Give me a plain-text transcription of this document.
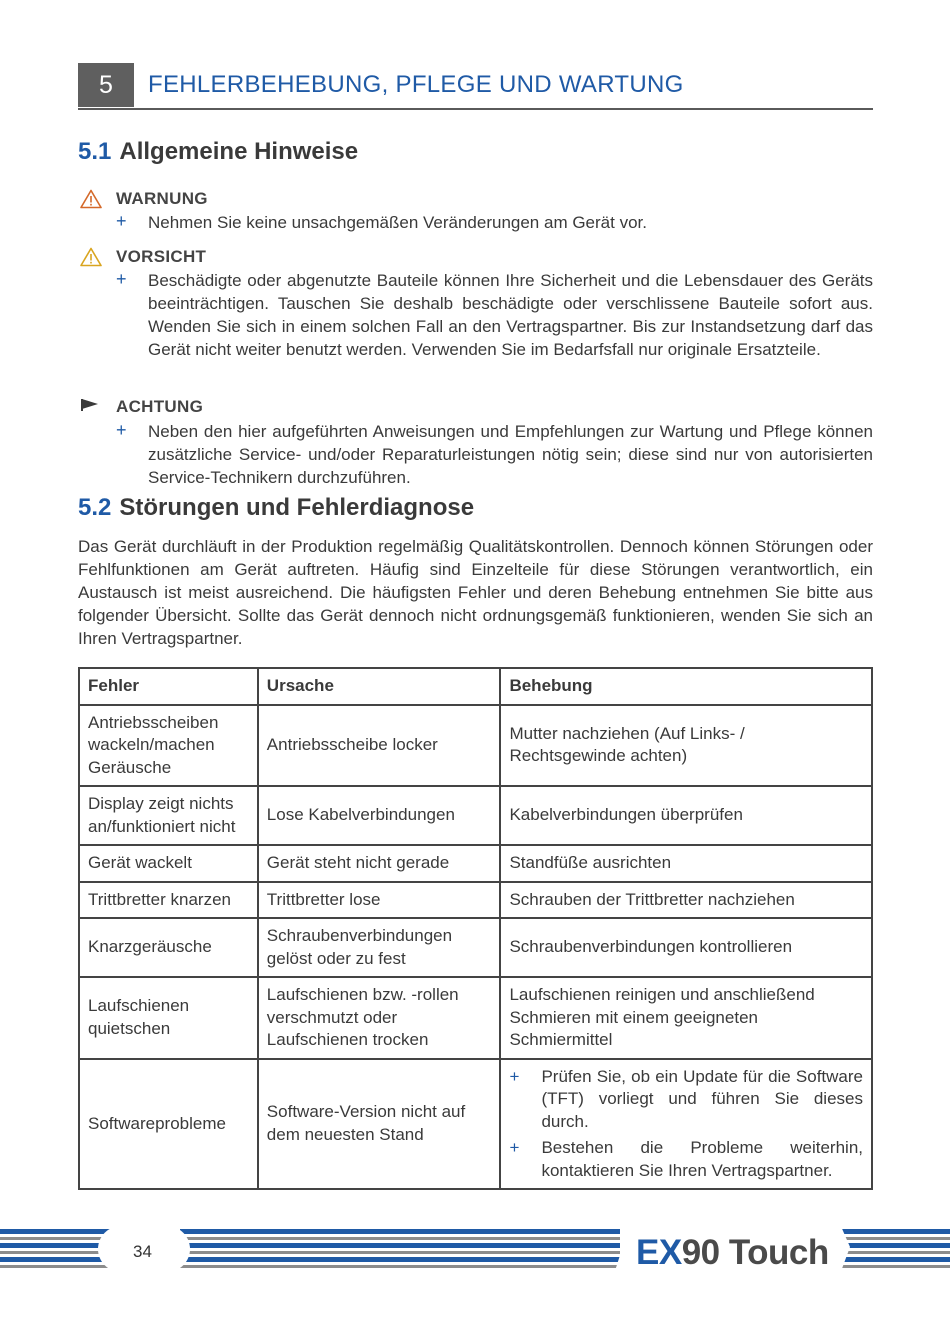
5	FEHLERBEHEBUNG, PFLEGE UND WARTUNG
5.1 Allgemeine Hinweise
WARNUNG
+ Nehmen Sie keine unsachgemäßen Veränderungen am Gerät vor.
VORSICHT
+ Beschädigte oder abgenutzte Bauteile können Ihre Sicherheit und die Lebensdauer des Geräts beeinträchtigen. Tauschen Sie deshalb beschädigte oder verschlissene Bauteile sofort aus. Wenden Sie sich in einem solchen Fall an den Vertragspartner. Bis zur Instandsetzung darf das Gerät nicht weiter benutzt werden. Verwenden Sie im Bedarfsfall nur originale Ersatzteile.
ACHTUNG
+ Neben den hier aufgeführten Anweisungen und Empfehlungen zur Wartung und Pflege können zusätzliche Service- und/oder Reparaturleistungen nötig sein; diese sind nur von autorisierten Service-Technikern durchzuführen.
5.2 Störungen und Fehlerdiagnose
Das Gerät durchläuft in der Produktion regelmäßig Qualitätskontrollen. Dennoch können Störungen oder Fehlfunktionen am Gerät auftreten. Häufig sind Einzelteile für diese Störungen verantwortlich, ein Austausch ist meist ausreichend. Die häufigsten Fehler und deren Behebung entnehmen Sie bitte aus folgender Übersicht. Sollte das Gerät dennoch nicht ordnungsgemäß funktionieren, wenden Sie sich an Ihren Vertragspartner.
Fehler	Ursache	Behebung
Antriebsscheiben wackeln/machen Geräusche	Antriebsscheibe locker	Mutter nachziehen (Auf Links- / Rechtsgewinde achten)
Display zeigt nichts an/funktioniert nicht	Lose Kabelverbindungen	Kabelverbindungen überprüfen
Gerät wackelt	Gerät steht nicht gerade	Standfüße ausrichten
Trittbretter knarzen	Trittbretter lose	Schrauben der Trittbretter nachziehen
Knarzgeräusche	Schraubenverbindungen gelöst oder zu fest	Schraubenverbindungen kontrollieren
Laufschienen quietschen	Laufschienen bzw. -rollen verschmutzt oder Laufschienen trocken	Laufschienen reinigen und anschließend Schmieren mit einem geeigneten Schmiermittel
Softwareprobleme	Software-Version nicht auf dem neuesten Stand	+ Prüfen Sie, ob ein Update für die Software (TFT) vorliegt und führen Sie dieses durch.
+ Bestehen die Probleme weiterhin, kontaktieren Sie Ihren Vertragspartner.
34	EX90 Touch
